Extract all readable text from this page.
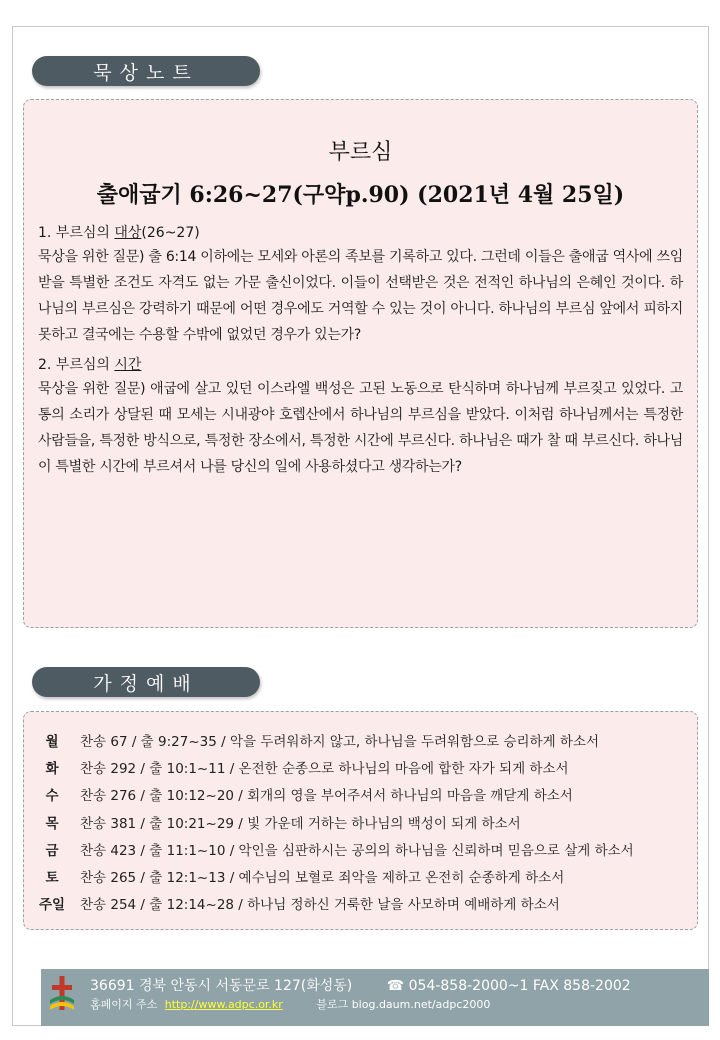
묵상노트
부르심
출애굽기 6:26~27(구약p.90) (2021년 4월 25일)
1. 부르심의 대상(26~27)
묵상을 위한 질문) 출 6:14 이하에는 모세와 아론의 족보를 기록하고 있다. 그런데 이들은 출애굽 역사에 쓰임 받을 특별한 조건도 자격도 없는 가문 출신이었다. 이들이 선택받은 것은 전적인 하나님의 은혜인 것이다. 하나님의 부르심은 강력하기 때문에 어떤 경우에도 거역할 수 있는 것이 아니다. 하나님의 부르심 앞에서 피하지 못하고 결국에는 수용할 수밖에 없었던 경우가 있는가?
2. 부르심의 시간
묵상을 위한 질문) 애굽에 살고 있던 이스라엘 백성은 고된 노동으로 탄식하며 하나님께 부르짖고 있었다. 고통의 소리가 상달된 때 모세는 시내광야 호렙산에서 하나님의 부르심을 받았다. 이처럼 하나님께서는 특정한 사람들을, 특정한 방식으로, 특정한 장소에서, 특정한 시간에 부르신다. 하나님은 때가 찰 때 부르신다. 하나님이 특별한 시간에 부르셔서 나를 당신의 일에 사용하셨다고 생각하는가?
가정예배
월	찬송 67 / 출 9:27~35 / 악을 두려워하지 않고, 하나님을 두려워함으로 승리하게 하소서
화	찬송 292 / 출 10:1~11 / 온전한 순종으로 하나님의 마음에 합한 자가 되게 하소서
수	찬송 276 / 출 10:12~20 / 회개의 영을 부어주셔서 하나님의 마음을 깨닫게 하소서
목	찬송 381 / 출 10:21~29 / 빛 가운데 거하는 하나님의 백성이 되게 하소서
금	찬송 423 / 출 11:1~10 / 악인을 심판하시는 공의의 하나님을 신뢰하며 믿음으로 살게 하소서
토	찬송 265 / 출 12:1~13 / 예수님의 보혈로 죄악을 제하고 온전히 순종하게 하소서
주일	찬송 254 / 출 12:14~28 / 하나님 정하신 거룩한 날을 사모하며 예배하게 하소서
36691 경북 안동시 서동문로 127(화성동) ☎ 054-858-2000~1 FAX 858-2002
홈페이지 주소 http://www.adpc.or.kr	블로그 blog.daum.net/adpc2000
